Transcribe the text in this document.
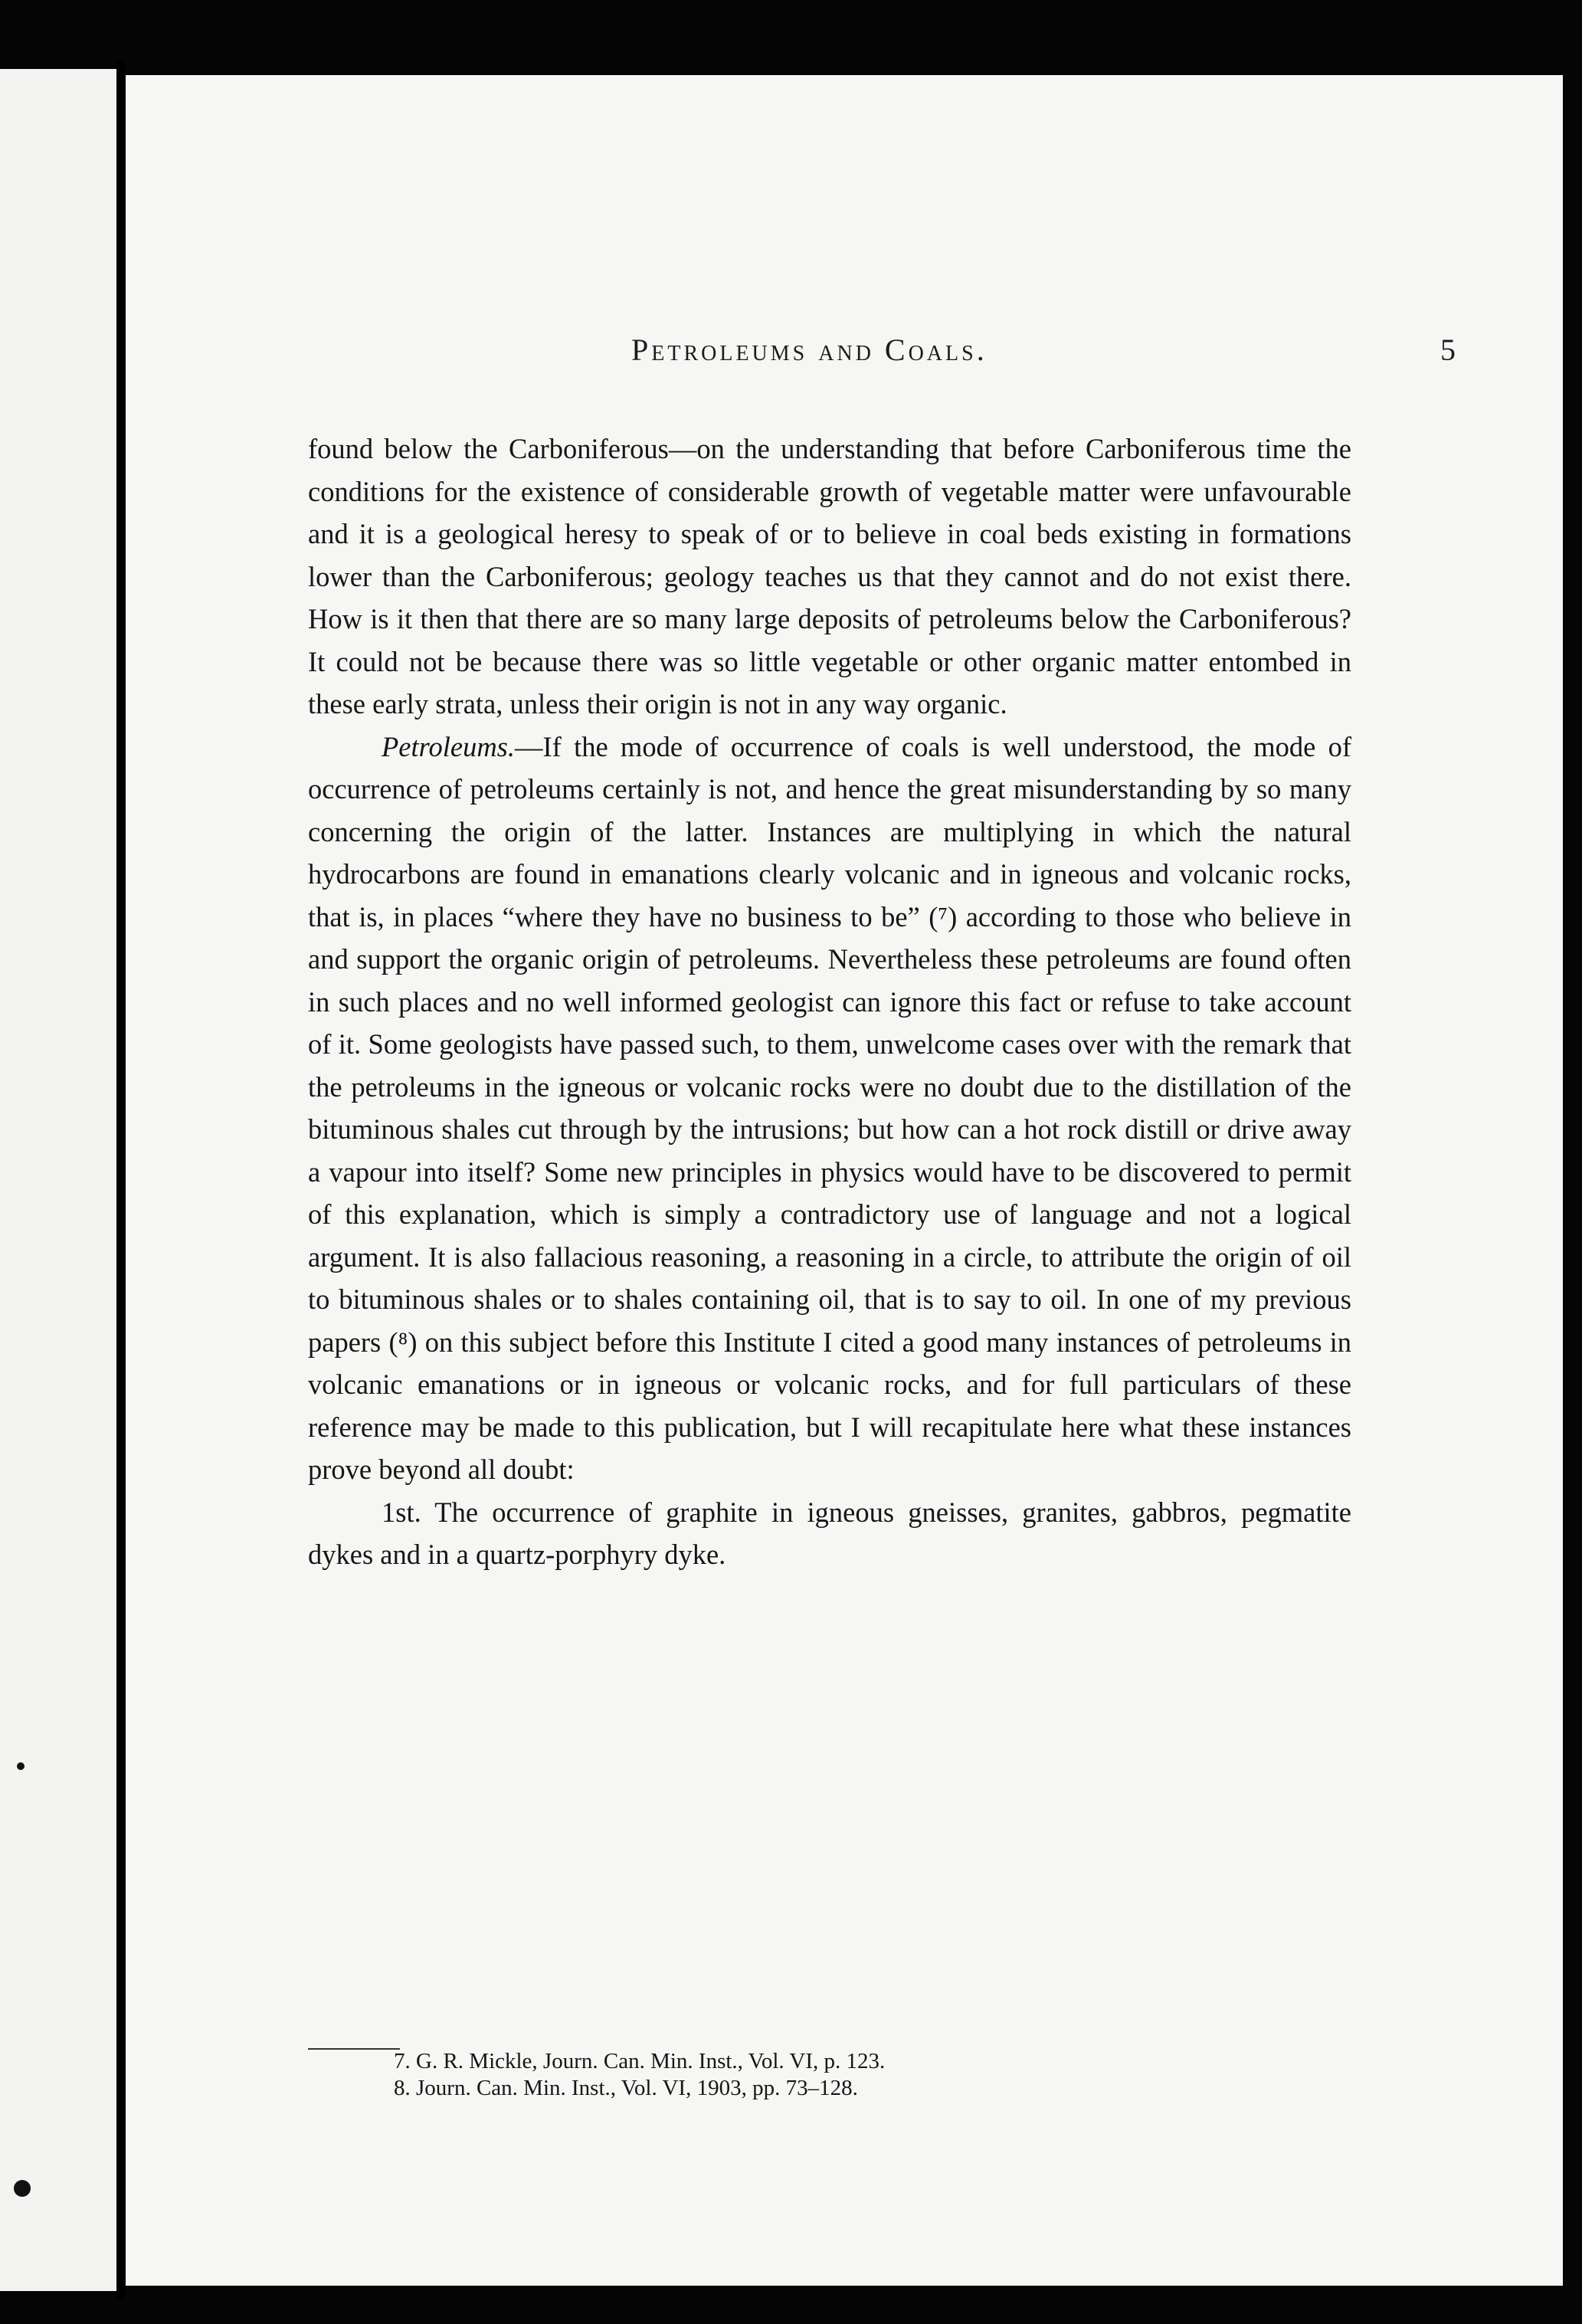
Petroleums and Coals.	5

found below the Carboniferous—on the understanding that before Carboniferous time the conditions for the existence of considerable growth of vegetable matter were unfavourable and it is a geological heresy to speak of or to believe in coal beds existing in formations lower than the Carboniferous; geology teaches us that they cannot and do not exist there. How is it then that there are so many large deposits of petroleums below the Carboniferous? It could not be because there was so little vegetable or other organic matter entombed in these early strata, unless their origin is not in any way organic.

Petroleums.—If the mode of occurrence of coals is well understood, the mode of occurrence of petroleums certainly is not, and hence the great misunderstanding by so many concerning the origin of the latter. Instances are multiplying in which the natural hydrocarbons are found in emanations clearly volcanic and in igneous and volcanic rocks, that is, in places “where they have no business to be” (⁷) according to those who believe in and support the organic origin of petroleums. Nevertheless these petroleums are found often in such places and no well informed geologist can ignore this fact or refuse to take account of it. Some geologists have passed such, to them, unwelcome cases over with the remark that the petroleums in the igneous or volcanic rocks were no doubt due to the distillation of the bituminous shales cut through by the intrusions; but how can a hot rock distill or drive away a vapour into itself? Some new principles in physics would have to be discovered to permit of this explanation, which is simply a contradictory use of language and not a logical argument. It is also fallacious reasoning, a reasoning in a circle, to attribute the origin of oil to bituminous shales or to shales containing oil, that is to say to oil. In one of my previous papers (⁸) on this subject before this Institute I cited a good many instances of petroleums in volcanic emanations or in igneous or volcanic rocks, and for full particulars of these reference may be made to this publication, but I will recapitulate here what these instances prove beyond all doubt:

1st. The occurrence of graphite in igneous gneisses, granites, gabbros, pegmatite dykes and in a quartz-porphyry dyke.

7. G. R. Mickle, Journ. Can. Min. Inst., Vol. VI, p. 123.
8. Journ. Can. Min. Inst., Vol. VI, 1903, pp. 73–128.
